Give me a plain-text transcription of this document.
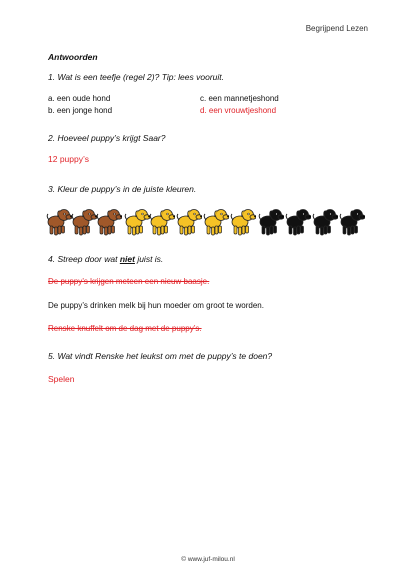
Begrijpend Lezen
Antwoorden
1. Wat is een teefje (regel 2)? Tip: lees vooruit.
a. een oude hond
b. een jonge hond
c. een mannetjeshond
d. een vrouwtjeshond
2. Hoeveel puppy’s krijgt Saar?
12 puppy’s
3. Kleur de puppy’s in de juiste kleuren.
4. Streep door wat niet juist is.
De puppy’s krijgen meteen een nieuw baasje.
De puppy’s drinken melk bij hun moeder om groot te worden.
Renske knuffelt om de dag met de puppy’s.
5. Wat vindt Renske het leukst om met de puppy’s te doen?
Spelen
© www.juf-milou.nl
